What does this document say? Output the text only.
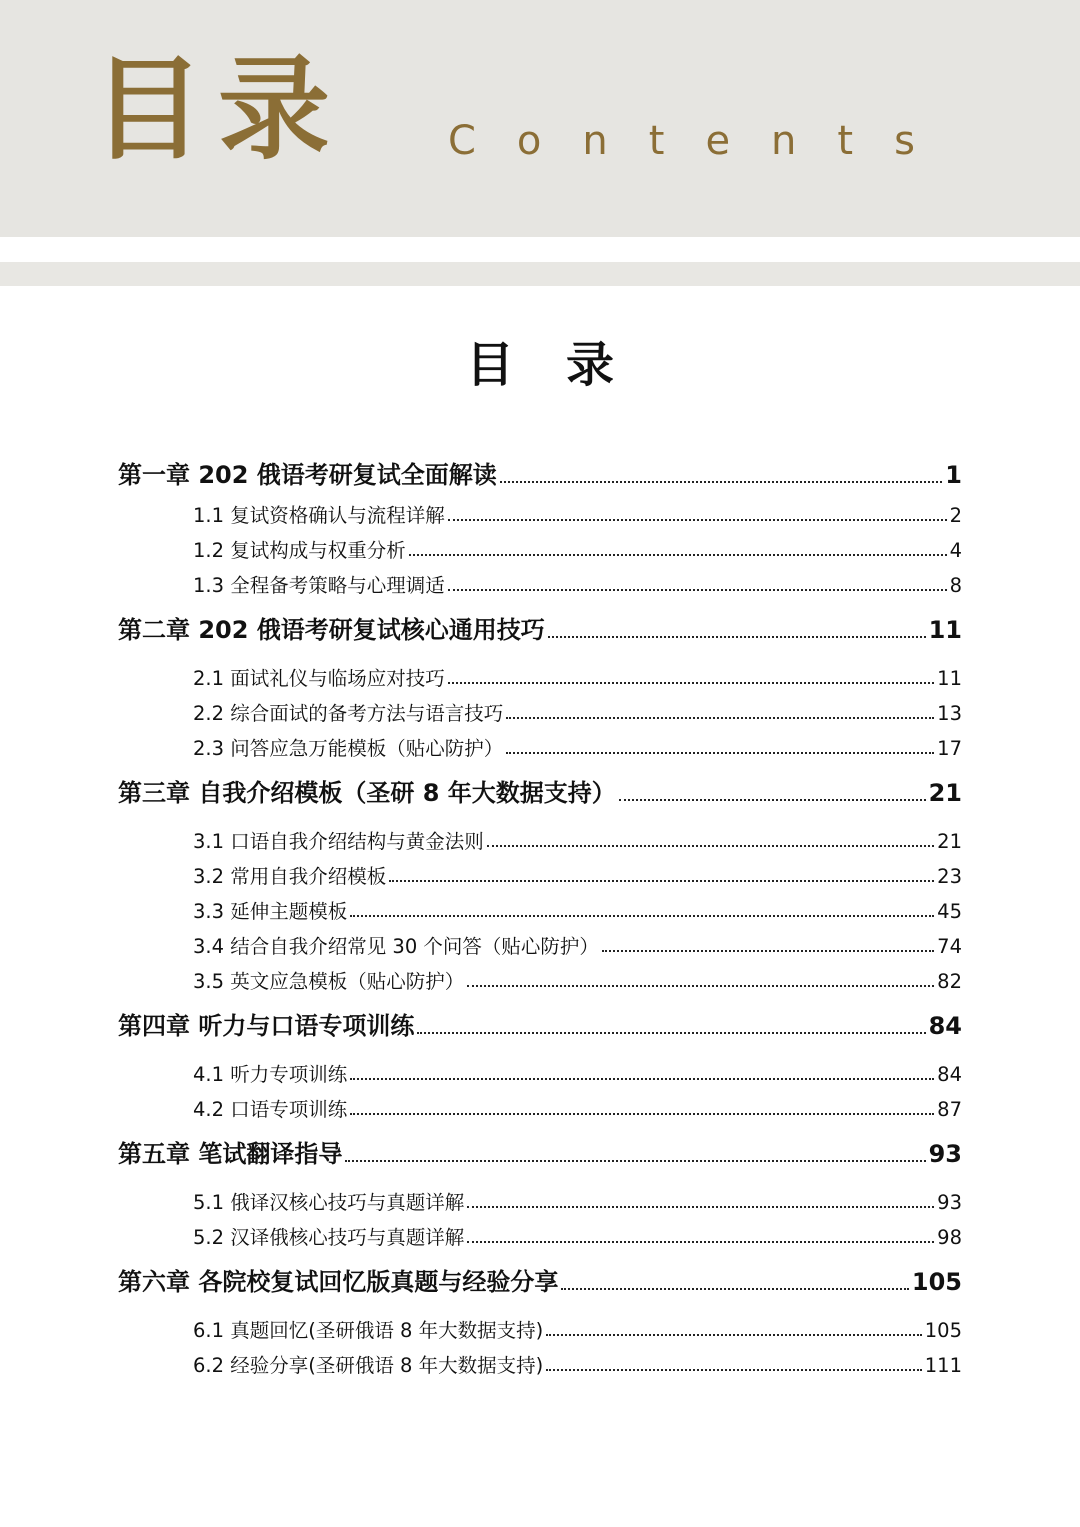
目录	Contents
目录
第一章 202 俄语考研复试全面解读	1
1.1 复试资格确认与流程详解	2
1.2 复试构成与权重分析	4
1.3 全程备考策略与心理调适	8
第二章 202 俄语考研复试核心通用技巧	11
2.1 面试礼仪与临场应对技巧	11
2.2 综合面试的备考方法与语言技巧	13
2.3 问答应急万能模板（贴心防护）	17
第三章 自我介绍模板（圣研 8 年大数据支持）	21
3.1 口语自我介绍结构与黄金法则	21
3.2 常用自我介绍模板	23
3.3 延伸主题模板	45
3.4 结合自我介绍常见 30 个问答（贴心防护）	74
3.5 英文应急模板（贴心防护）	82
第四章 听力与口语专项训练	84
4.1 听力专项训练	84
4.2 口语专项训练	87
第五章 笔试翻译指导	93
5.1 俄译汉核心技巧与真题详解	93
5.2 汉译俄核心技巧与真题详解	98
第六章 各院校复试回忆版真题与经验分享	105
6.1 真题回忆(圣研俄语 8 年大数据支持)	105
6.2 经验分享(圣研俄语 8 年大数据支持)	111
